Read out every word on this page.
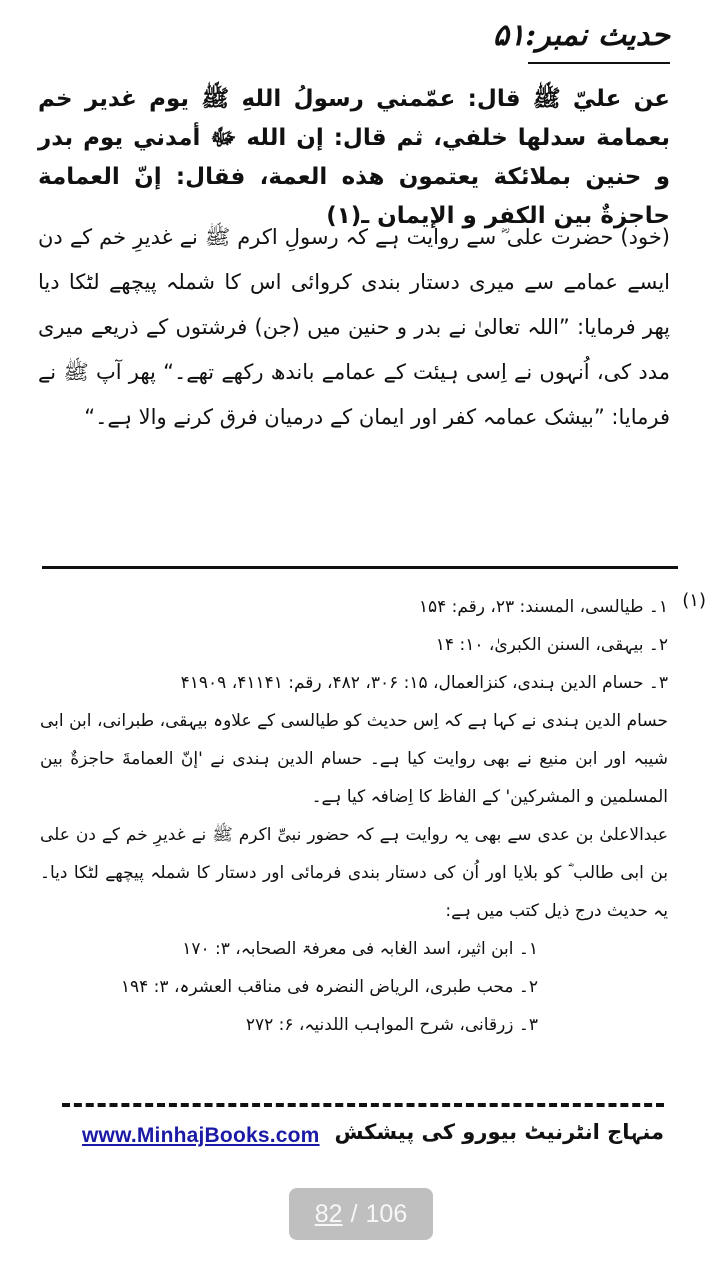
حدیث نمبر:۵۱

عن عليّ ﷺ قال: عمّمني رسولُ اللهِ ﷺ يوم غدير خم بعمامة سدلها خلفي، ثم قال: إن الله ﷻ أمدني يوم بدر و حنين بملائكة يعتمون هذه العمة، فقال: إنّ العمامة حاجزةٌ بين الكفر و الإيمان ـ(١)

(خود) حضرت علی ؓ سے روایت ہے کہ رسولِ اکرم ﷺ نے غدیرِ خم کے دن ایسے عمامے سے میری دستار بندی کروائی اس کا شملہ پیچھے لٹکا دیا پھر فرمایا: ”اللہ تعالیٰ نے بدر و حنین میں (جن) فرشتوں کے ذریعے میری مدد کی، اُنہوں نے اِسی ہیئت کے عمامے باندھ رکھے تھے۔“ پھر آپ ﷺ نے فرمایا: ”بیشک عمامہ کفر اور ایمان کے درمیان فرق کرنے والا ہے۔“

(۱)
۱۔ طیالسی، المسند: ۲۳، رقم: ۱۵۴
۲۔ بیہقی، السنن الکبریٰ، ۱۰: ۱۴
۳۔ حسام الدین ہندی، کنزالعمال، ۱۵: ۳۰۶، ۴۸۲، رقم: ۴۱۱۴۱، ۴۱۹۰۹
حسام الدین ہندی نے کہا ہے کہ اِس حدیث کو طیالسی کے علاوہ بیہقی، طبرانی، ابن ابی شیبہ اور ابن منیع نے بھی روایت کیا ہے۔ حسام الدین ہندی نے 'إنّ العمامةَ حاجزةٌ بين المسلمين و المشركين' کے الفاظ کا اِضافہ کیا ہے۔
عبدالاعلیٰ بن عدی سے بھی یہ روایت ہے کہ حضور نبیِّ اکرم ﷺ نے غدیرِ خم کے دن علی بن ابی طالب ؓ کو بلایا اور اُن کی دستار بندی فرمائی اور دستار کا شملہ پیچھے لٹکا دیا۔ یہ حدیث درج ذیل کتب میں ہے:
۱۔ ابن اثیر، اسد الغابہ فی معرفۃ الصحابہ، ۳: ۱۷۰
۲۔ محب طبری، الریاض النضرہ فی مناقب العشرہ، ۳: ۱۹۴
۳۔ زرقانی، شرح المواہب اللدنیہ، ۶: ۲۷۲
www.MinhajBooks.com منہاج انٹرنیٹ بیورو کی پیشکش
82 / 106
